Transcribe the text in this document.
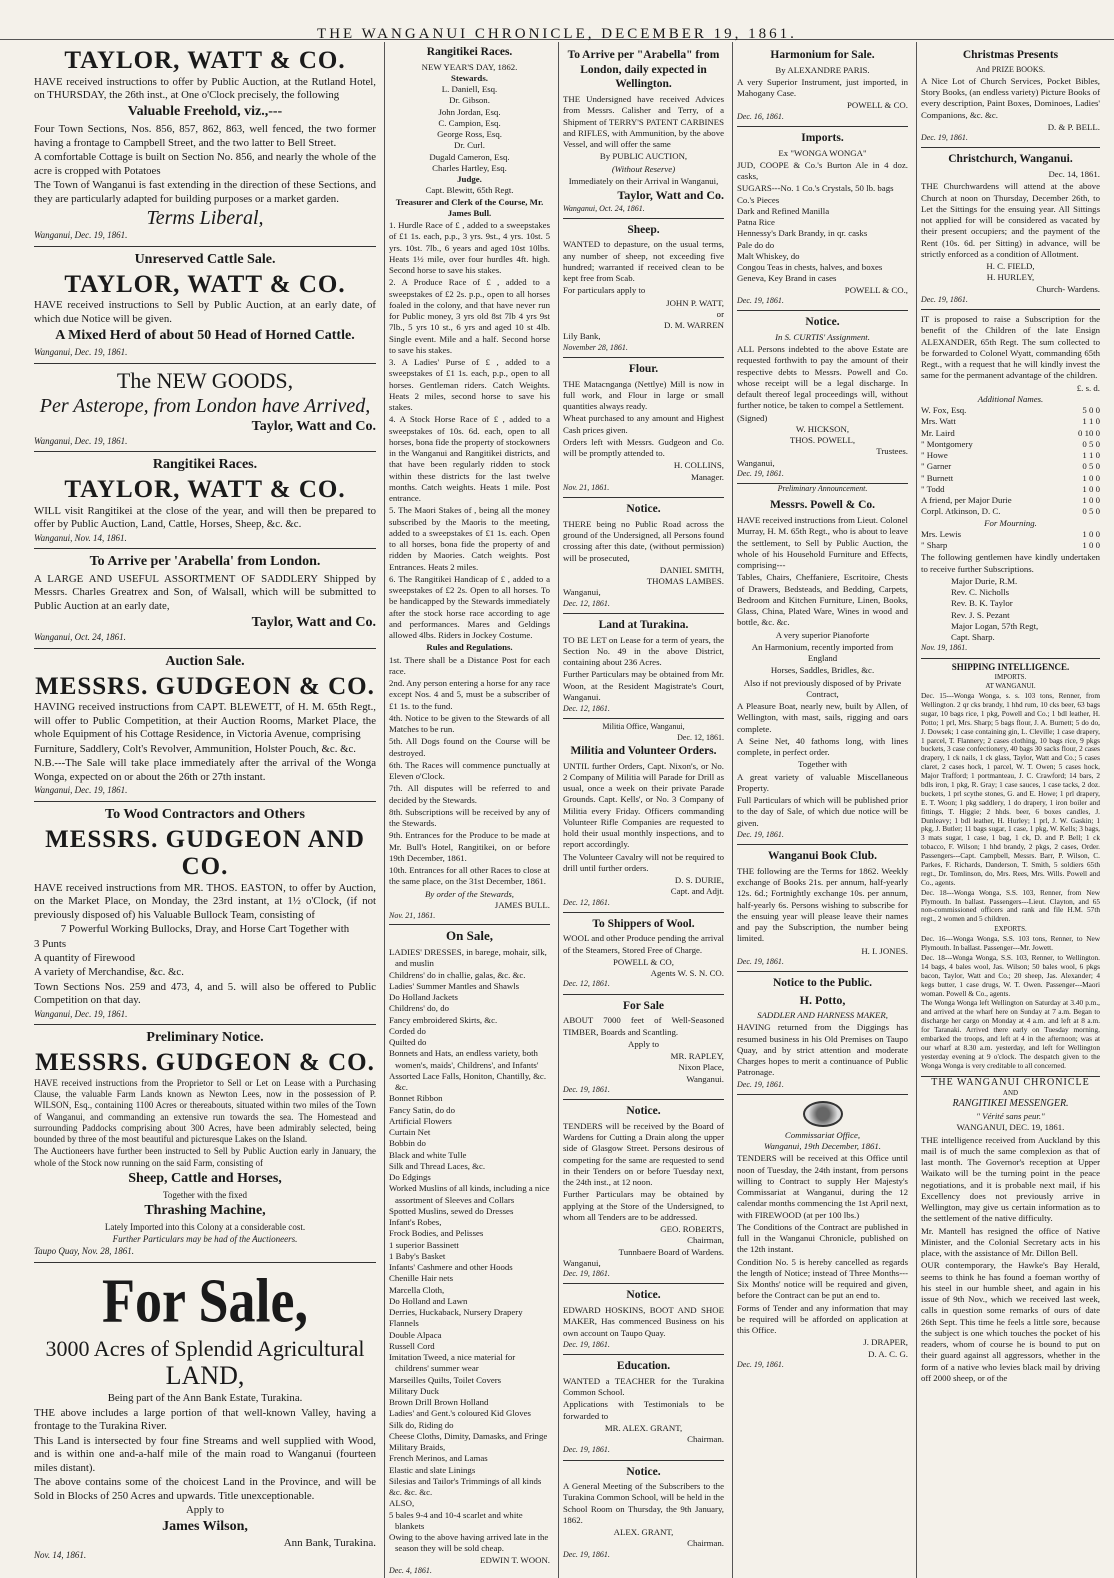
THE WANGANUI CHRONICLE, DECEMBER 19, 1861.
TAYLOR, WATT & CO.

HAVE received instructions to offer by Public Auction, at the Rutland Hotel, on THURSDAY, the 26th inst., at One o'Clock precisely, the following

Valuable Freehold, viz.,---

Four Town Sections, Nos. 856, 857, 862, 863, well fenced, the two former having a frontage to Campbell Street, and the two latter to Bell Street.

A comfortable Cottage is built on Section No. 856, and nearly the whole of the acre is cropped with Potatoes

The Town of Wanganui is fast extending in the direction of these Sections, and they are particularly adapted for building purposes or a market garden.

Terms Liberal,
Wanganui, Dec. 19, 1861.
Unreserved Cattle Sale.
TAYLOR, WATT & CO.

HAVE received instructions to Sell by Public Auction, at an early date, of which due Notice will be given.

A Mixed Herd of about 50 Head of Horned Cattle.
Wanganui, Dec. 19, 1861.
The NEW GOODS,
Per Asterope, from London have Arrived,
Taylor, Watt and Co.
Wanganui, Dec. 19, 1861.
Rangitikei Races.
TAYLOR, WATT & CO.

WILL visit Rangitikei at the close of the year, and will then be prepared to offer by Public Auction, Land, Cattle, Horses, Sheep, &c. &c.

Wanganui, Nov. 14, 1861.
To Arrive per 'Arabella' from London.

A LARGE AND USEFUL ASSORTMENT OF SADDLERY Shipped by Messrs. Charles Greatrex and Son, of Walsall, which will be submitted to Public Auction at an early date,

Taylor, Watt and Co.
Wanganui, Oct. 24, 1861.
Auction Sale.
MESSRS. GUDGEON & CO.

HAVING received instructions from CAPT. BLEWETT, of H. M. 65th Regt., will offer to Public Competition, at their Auction Rooms, Market Place, the whole Equipment of his Cottage Residence, in Victoria Avenue, comprising

Furniture, Saddlery, Colt's Revolver, Ammunition, Holster Pouch, &c. &c.

N.B.---The Sale will take place immediately after the arrival of the Wonga Wonga, expected on or about the 26th or 27th instant.

Wanganui, Dec. 19, 1861.
To Wood Contractors and Others
MESSRS. GUDGEON AND CO.

HAVE received instructions from MR. THOS. EASTON, to offer by Auction, on the Market Place, on Monday, the 23rd instant, at 1½ o'Clock, (if not previously disposed of) his Valuable Bullock Team, consisting of

7 Powerful Working Bullocks, Dray, and Horse Cart Together with

3 Punts

A quantity of Firewood

A variety of Merchandise, &c. &c.

Town Sections Nos. 259 and 473, 4, and 5. will also be offered to Public Competition on that day.

Wanganui, Dec. 19, 1861.
Preliminary Notice.
MESSRS. GUDGEON & CO.

HAVE received instructions from the Proprietor to Sell or Let on Lease with a Purchasing Clause, the valuable Farm Lands known as Newton Lees, now in the possession of P. WILSON, Esq., containing 1100 Acres or thereabouts, situated within two miles of the Town of Wanganui, and commanding an extensive run towards the sea. The Homestead and surrounding Paddocks comprising about 300 Acres, have been admirably selected, being bounded by three of the most beautiful and picturesque Lakes on the Island.

The Auctioneers have further been instructed to Sell by Public Auction early in January, the whole of the Stock now running on the said Farm, consisting of

Sheep, Cattle and Horses,

Together with the fixed

Thrashing Machine,

Lately Imported into this Colony at a considerable cost.

Further Particulars may be had of the Auctioneers.

Taupo Quay, Nov. 28, 1861.
For Sale,
3000 Acres of Splendid Agricultural
LAND,

Being part of the Ann Bank Estate, Turakina.

THE above includes a large portion of that well-known Valley, having a frontage to the Turakina River.

This Land is intersected by four fine Streams and well supplied with Wood, and is within one and-a-half mile of the main road to Wanganui (fourteen miles distant).

The above contains some of the choicest Land in the Province, and will be Sold in Blocks of 250 Acres and upwards. Title unexceptionable.

Apply to

James Wilson,
Ann Bank, Turakina.
Nov. 14, 1861.
Rangitikei Races.
NEW YEAR'S DAY, 1862.
Stewards.
L. Daniell, Esq.
Dr. Gibson.
John Jordan, Esq.
C. Campion, Esq.
George Ross, Esq.
Dr. Curl.
Dugald Cameron, Esq.
Charles Hartley, Esq.
Judge.
Capt. Blewitt, 65th Regt.
Treasurer and Clerk of the Course, Mr. James Bull.

1. Hurdle Race of £ , added to a sweepstakes of £1 1s. each, p.p., 3 yrs. 9st., 4 yrs. 10st. 5 yrs. 10st. 7lb., 6 years and aged 10st 10lbs. Heats 1½ mile, over four hurdles 4ft. high. Second horse to save his stakes.

2. A Produce Race of £ , added to a sweepstakes of £2 2s. p.p., open to all horses foaled in the colony, and that have never run for Public money, 3 yrs old 8st 7lb 4 yrs 9st 7lb., 5 yrs 10 st., 6 yrs and aged 10 st 4lb. Single event. Mile and a half. Second horse to save his stakes.

3. A Ladies' Purse of £ , added to a sweepstakes of £1 1s. each, p.p., open to all horses. Gentleman riders. Catch Weights. Heats 2 miles, second horse to save his stakes.

4. A Stock Horse Race of £ , added to a sweepstakes of 10s. 6d. each, open to all horses, bona fide the property of stockowners in the Wanganui and Rangitikei districts, and that have been regularly ridden to stock within these districts for the last twelve months. Catch weights. Heats 1 mile. Post entrance.

5. The Maori Stakes of , being all the money subscribed by the Maoris to the meeting, added to a sweepstakes of £1 1s. each. Open to all horses, bona fide the property of and ridden by Maories. Catch weights. Post Entrances. Heats 2 miles.

6. The Rangitikei Handicap of £ , added to a sweepstakes of £2 2s. Open to all horses. To be handicapped by the Stewards immediately after the stock horse race according to age and performances. Mares and Geldings allowed 4lbs. Riders in Jockey Costume.

Rules and Regulations.

1st. There shall be a Distance Post for each race.

2nd. Any person entering a horse for any race except Nos. 4 and 5, must be a subscriber of £1 1s. to the fund.

4th. Notice to be given to the Stewards of all Matches to be run.

5th. All Dogs found on the Course will be destroyed.

6th. The Races will commence punctually at Eleven o'Clock.

7th. All disputes will be referred to and decided by the Stewards.

8th. Subscriptions will be received by any of the Stewards.

9th. Entrances for the Produce to be made at Mr. Bull's Hotel, Rangitikei, on or before 19th December, 1861.

10th. Entrances for all other Races to close at the same place, on the 31st December, 1861.

By order of the Stewards,
JAMES BULL.
Nov. 21, 1861.
On Sale,
LADIES' DRESSES, in barege, mohair, silk, and muslin
Childrens' do in challie, galas, &c. &c.
Ladies' Summer Mantles and Shawls
Do Holland Jackets
Childrens' do, do
Fancy embroidered Skirts, &c.
Corded do
Quilted do
Bonnets and Hats, an endless variety, both women's, maids', Childrens', and Infants'
Assorted Lace Falls, Honiton, Chantilly, &c. &c.
Bonnet Ribbon
Fancy Satin, do do
Artificial Flowers
Curtain Net
Bobbin do
Black and white Tulle
Silk and Thread Laces, &c.
Do Edgings
Worked Muslins of all kinds, including a nice assortment of Sleeves and Collars
Spotted Muslins, sewed do Dresses
Infant's Robes,
Frock Bodies, and Pelisses
1 superior Bassinett
1 Baby's Basket
Infants' Cashmere and other Hoods
Chenille Hair nets
Marcella Cloth,
Do Holland and Lawn
Derries, Huckaback, Nursery Drapery
Flannels
Double Alpaca
Russell Cord
Imitation Tweed, a nice material for childrens' summer wear
Marseilles Quilts, Toilet Covers
Military Duck
Brown Drill Brown Holland
Ladies' and Gent.'s coloured Kid Gloves
Silk do, Riding do
Cheese Cloths, Dimity, Damasks, and Fringe
Military Braids,
French Merinos, and Lamas
Elastic and slate Linings
Silesias and Tailor's Trimmings of all kinds
&c. &c. &c.
ALSO,
5 bales 9-4 and 10-4 scarlet and white blankets
Owing to the above having arrived late in the season they will be sold cheap.
EDWIN T. WOON.
Dec. 4, 1861.
To Arrive per "Arabella" from London, daily expected in Wellington.

THE Undersigned have received Advices from Messrs. Calisher and Terry, of a Shipment of TERRY'S PATENT CARBINES and RIFLES, with Ammunition, by the above Vessel, and will offer the same

By PUBLIC AUCTION,

(Without Reserve)

Immediately on their Arrival in Wanganui,

Taylor, Watt and Co.
Wanganui, Oct. 24, 1861.
Sheep.

WANTED to depasture, on the usual terms, any number of sheep, not exceeding five hundred; warranted if received clean to be kept free from Scab.

For particulars apply to

JOHN P. WATT,
or
D. M. WARREN
Lily Bank,
November 28, 1861.
Flour.

THE Matacnganga (Nettlye) Mill is now in full work, and Flour in large or small quantities always ready.

Wheat purchased to any amount and Highest Cash prices given.

Orders left with Messrs. Gudgeon and Co. will be promptly attended to.

H. COLLINS,
Manager.
Nov. 21, 1861.
Notice.

THERE being no Public Road across the ground of the Undersigned, all Persons found crossing after this date, (without permission) will be prosecuted,

DANIEL SMITH,
THOMAS LAMBES.
Wanganui,
Dec. 12, 1861.
Land at Turakina.

TO BE LET on Lease for a term of years, the Section No. 49 in the above District, containing about 236 Acres.

Further Particulars may be obtained from Mr. Woon, at the Resident Magistrate's Court, Wanganui.

Dec. 12, 1861.
Militia Office, Wanganui,
Dec. 12, 1861.
Militia and Volunteer Orders.

UNTIL further Orders, Capt. Nixon's, or No. 2 Company of Militia will Parade for Drill as usual, once a week on their private Parade Grounds. Capt. Kells', or No. 3 Company of Militia every Friday. Officers commanding Volunteer Rifle Companies are requested to hold their usual monthly inspections, and to report accordingly.

The Volunteer Cavalry will not be required to drill until further orders.

D. S. DURIE,
Capt. and Adjt.
Dec. 12, 1861.
To Shippers of Wool.

WOOL and other Produce pending the arrival of the Steamers, Stored Free of Charge.

POWELL & CO,
Agents W. S. N. CO.
Dec. 12, 1861.
For Sale

ABOUT 7000 feet of Well-Seasoned TIMBER, Boards and Scantling.

Apply to

MR. RAPLEY,
Nixon Place,
Wanganui.
Dec. 19, 1861.
Notice.

TENDERS will be received by the Board of Wardens for Cutting a Drain along the upper side of Glasgow Street. Persons desirous of competing for the same are requested to send in their Tenders on or before Tuesday next, the 24th inst., at 12 noon.

Further Particulars may be obtained by applying at the Store of the Undersigned, to whom all Tenders are to be addressed.

GEO. ROBERTS,
Chairman,
Tunnbaere Board of Wardens.
Wanganui,
Dec. 19, 1861.
Notice.

EDWARD HOSKINS, BOOT AND SHOE MAKER, Has commenced Business on his own account on Taupo Quay.

Dec. 19, 1861.
Education.

WANTED a TEACHER for the Turakina Common School.

Applications with Testimonials to be forwarded to

MR. ALEX. GRANT,
Chairman.
Dec. 19, 1861.
Notice.

A General Meeting of the Subscribers to the Turakina Common School, will be held in the School Room on Thursday, the 9th January, 1862.

ALEX. GRANT,
Chairman.
Dec. 19, 1861.
Harmonium for Sale.

By ALEXANDRE PARIS.

A very Superior Instrument, just imported, in Mahogany Case.

POWELL & CO.
Dec. 16, 1861.
Imports.
Ex "WONGA WONGA"

JUD, COOPE & Co.'s Burton Ale in 4 doz. casks,

SUGARS---No. 1 Co.'s Crystals, 50 lb. bags
Co.'s Pieces
Dark and Refined Manilla
Patna Rice
Hennessy's Dark Brandy, in qr. casks
Pale do do
Malt Whiskey, do
Congou Teas in chests, halves, and boxes
Geneva, Key Brand in cases
POWELL & CO.,
Dec. 19, 1861.
Notice.
In S. CURTIS' Assignment.

ALL Persons indebted to the above Estate are requested forthwith to pay the amount of their respective debts to Messrs. Powell and Co. whose receipt will be a legal discharge. In default thereof legal proceedings will, without further notice, be taken to compel a Settlement.

(Signed)
W. HICKSON,
THOS. POWELL,
Trustees.
Wanganui,
Dec. 19, 1861.
Preliminary Announcement.
Messrs. Powell & Co.

HAVE received instructions from Lieut. Colonel Murray, H. M. 65th Regt., who is about to leave the settlement, to Sell by Public Auction, the whole of his Household Furniture and Effects, comprising---

Tables, Chairs, Cheffaniere, Escritoire, Chests of Drawers, Bedsteads, and Bedding, Carpets, Bedroom and Kitchen Furniture, Linen, Books, Glass, China, Plated Ware, Wines in wood and bottle, &c. &c.

A very superior Pianoforte

An Harmonium, recently imported from England

Horses, Saddles, Bridles, &c.

Also if not previously disposed of by Private Contract,

A Pleasure Boat, nearly new, built by Allen, of Wellington, with mast, sails, rigging and oars complete.

A Seine Net, 40 fathoms long, with lines complete, in perfect order.

Together with

A great variety of valuable Miscellaneous Property.

Full Particulars of which will be published prior to the day of Sale, of which due notice will be given.

Dec. 19, 1861.
Wanganui Book Club.

THE following are the Terms for 1862. Weekly exchange of Books 21s. per annum, half-yearly 12s. 6d.; Fortnightly exchange 10s. per annum, half-yearly 6s. Persons wishing to subscribe for the ensuing year will please leave their names and pay the Subscription, the number being limited.

H. I. JONES.
Dec. 19, 1861.
Notice to the Public.
H. Potto,
SADDLER AND HARNESS MAKER,

HAVING returned from the Diggings has resumed business in his Old Premises on Taupo Quay, and by strict attention and moderate Charges hopes to merit a continuance of Public Patronage.

Dec. 19, 1861.
Commissariat Office,
Wanganui, 19th December, 1861.

TENDERS will be received at this Office until noon of Tuesday, the 24th instant, from persons willing to Contract to supply Her Majesty's Commissariat at Wanganui, during the 12 calendar months commencing the 1st April next, with FIREWOOD (at per 100 lbs.)

The Conditions of the Contract are published in full in the Wanganui Chronicle, published on the 12th instant.

Condition No. 5 is hereby cancelled as regards the length of Notice; instead of Three Months---Six Months' notice will be required and given, before the Contract can be put an end to.

Forms of Tender and any information that may be required will be afforded on application at this Office.

J. DRAPER,
D. A. C. G.
Dec. 19, 1861.
Christmas Presents
And PRIZE BOOKS.

A Nice Lot of Church Services, Pocket Bibles, Story Books, (an endless variety) Picture Books of every description, Paint Boxes, Dominoes, Ladies' Companions, &c. &c.

D. & P. BELL.
Dec. 19, 1861.
Christchurch, Wanganui.
Dec. 14, 1861.

THE Churchwardens will attend at the above Church at noon on Thursday, December 26th, to Let the Sittings for the ensuing year. All Sittings not applied for will be considered as vacated by their present occupiers; and the payment of the Rent (10s. 6d. per Sitting) in advance, will be strictly enforced as a condition of Allotment.

H. C. FIELD,
H. HURLEY,
Church- Wardens.
Dec. 19, 1861.

IT is proposed to raise a Subscription for the benefit of the Children of the late Ensign ALEXANDER, 65th Regt. The sum collected to be forwarded to Colonel Wyatt, commanding 65th Regt., with a request that he will kindly invest the same for the permanent advantage of the children.

£. s. d.
Additional Names.
W. Fox, Esq.	5 0 0
Mrs. Watt	1 1 0
Mr. Laird	0 10 0
" Montgomery	0 5 0
" Howe	1 1 0
" Garner	0 5 0
" Burnett	1 0 0
" Todd	1 0 0
A friend, per Major Durie	1 0 0
Corpl. Atkinson, D. C.	0 5 0
For Mourning.
Mrs. Lewis	1 0 0
" Sharp	1 0 0

The following gentlemen have kindly undertaken to receive further Subscriptions.

Major Durie, R.M.
Rev. C. Nicholls
Rev. B. K. Taylor
Rev. J. S. Pezant
Major Logan, 57th Regt,
Capt. Sharp.
Nov. 19, 1861.
SHIPPING INTELLIGENCE.
IMPORTS.
AT WANGANUI.

Dec. 15---Wonga Wonga, s. s. 103 tons, Renner, from Wellington. 2 qr cks brandy, 1 hhd rum, 10 cks beer, 63 bags sugar, 10 bags rice, 1 pkg, Powell and Co.; 1 bdl leather, H. Potto; 1 prl, Mrs. Sharp; 5 bags flour, J. A. Burnett; 5 do do, J. Dowsek; 1 case containing gin, L. Cleville; 1 case drapery, 1 parcel, T. Flannery; 2 cases clothing, 10 bags rice, 9 pkgs buckets, 3 case confectionery, 40 bags 30 sacks flour, 2 cases drapery, 1 ck nails, 1 ck glass, Taylor, Watt and Co.; 5 cases claret, 2 cases hock, 1 parcel, W. T. Owen; 5 cases hock, Major Trafford; 1 portmanteau, J. C. Crawford; 14 bars, 2 bdls iron, 1 pkg, R. Gray; 1 case sauces, 1 case tacks, 2 doz. buckets, 1 prl scythe stones, G. and E. Howe; 1 prl drapery, E. T. Woon; 1 pkg saddlery, 1 do drapery, 1 iron boiler and fittings, T. Higgie; 2 hhds. beer, 6 boxes candles, J. Dunleavy; 1 bdl leather, H. Hurley; 1 prl, J. W. Gaskin; 1 pkg, J. Butler; 11 bags sugar, 1 case, 1 pkg, W. Kells; 3 bags, 3 mats sugar, 1 case, 1 bag, 1 ck, D. and P. Bell; 1 ck tobacco, F. Wilson; 1 hhd brandy, 2 pkgs, 2 cases, Order. Passengers---Capt. Campbell, Messrs. Barr, P. Wilson, C. Parkes, F. Richards, Danderson, T. Smith, 5 soldiers 65th regt., Dr. Tomlinson, do, Mrs. Rees, Mrs. Wills. Powell and Co., agents.

Dec. 18---Wonga Wonga, S.S. 103, Renner, from New Plymouth. In ballast. Passengers---Lieut. Clayton, and 65 non-commissioned officers and rank and file H.M. 57th regt., 2 women and 5 children.

EXPORTS.

Dec. 16---Wonga Wonga, S.S. 103 tons, Renner, to New Plymouth. In ballast. Passenger---Mr. Jowett.

Dec. 18---Wonga Wonga, S.S. 103, Renner, to Wellington. 14 bags, 4 bales wool, Jas. Wilson; 50 bales wool, 6 pkgs bacon, Taylor, Watt and Co.; 20 sheep, Jas. Alexander; 4 kegs butter, 1 case drugs, W. T. Owen. Passenger---Maori woman. Powell & Co., agents.

The Wonga Wonga left Wellington on Saturday at 3.40 p.m., and arrived at the wharf here on Sunday at 7 a.m. Began to discharge her cargo on Monday at 4 a.m. and left at 8 a.m. for Taranaki. Arrived there early on Tuesday morning, embarked the troops, and left at 4 in the afternoon; was at our wharf at 8.30 a.m. yesterday, and left for Wellington yesterday evening at 9 o'clock. The despatch given to the Wonga Wonga is very creditable to all concerned.

THE WANGANUI CHRONICLE
AND
RANGITIKEI MESSENGER.
" Vérité sans peur."
WANGANUI, DEC. 19, 1861.

THE intelligence received from Auckland by this mail is of much the same complexion as that of last month. The Governor's reception at Upper Waikato will be the turning point in the peace negotiations, and it is probable next mail, if his Excellency does not previously arrive in Wellington, may give us certain information as to the settlement of the native difficulty.

Mr. Mantell has resigned the office of Native Minister, and the Colonial Secretary acts in his place, with the assistance of Mr. Dillon Bell.

OUR contemporary, the Hawke's Bay Herald, seems to think he has found a foeman worthy of his steel in our humble sheet, and again in his issue of 9th Nov., which we received last week, calls in question some remarks of ours of date 26th Sept. This time he feels a little sore, because the subject is one which touches the pocket of his readers, whom of course he is bound to put on their guard against all aggressors, whether in the form of a native who levies black mail by driving off 2000 sheep, or of the
